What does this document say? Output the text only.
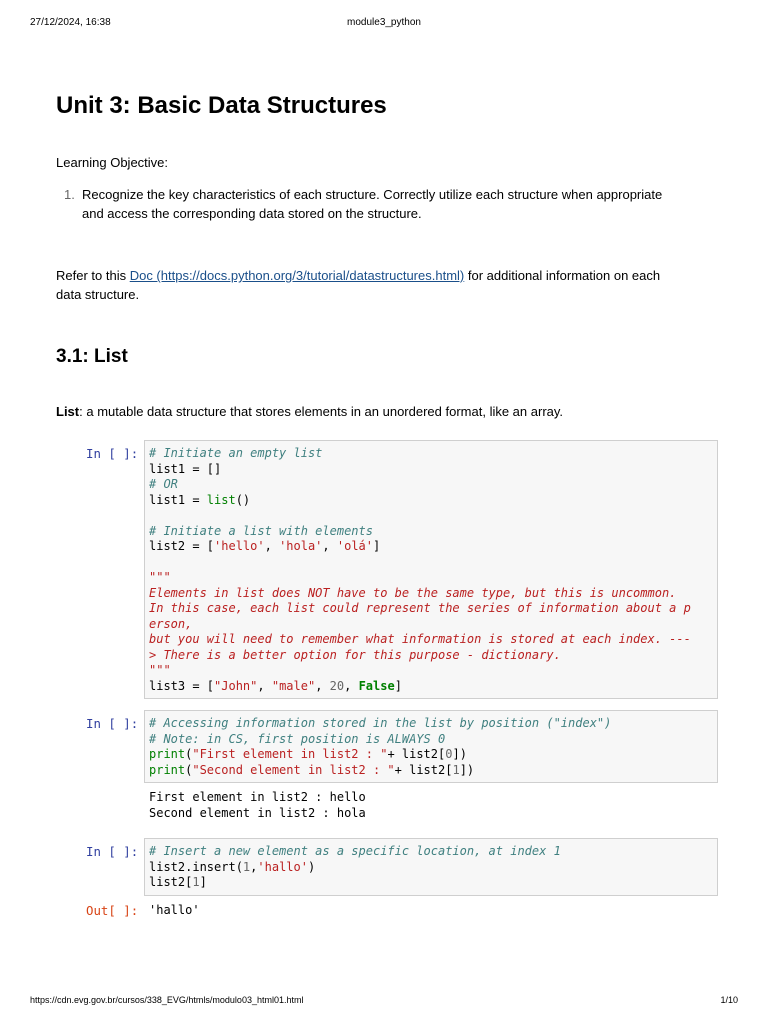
27/12/2024, 16:38	module3_python
Unit 3: Basic Data Structures
Learning Objective:
1. Recognize the key characteristics of each structure. Correctly utilize each structure when appropriate
and access the corresponding data stored on the structure.
Refer to this Doc (https://docs.python.org/3/tutorial/datastructures.html) for additional information on each
data structure.
3.1: List
List: a mutable data structure that stores elements in an unordered format, like an array.
In [ ]: # Initiate an empty list
list1 = []
# OR
list1 = list()
# Initiate a list with elements
list2 = ['hello', 'hola', 'olá']
"""
Elements in list does NOT have to be the same type, but this is uncommon.
In this case, each list could represent the series of information about a p
erson,
but you will need to remember what information is stored at each index. ---
> There is a better option for this purpose - dictionary.
"""
list3 = ["John", "male", 20, False]
In [ ]: # Accessing information stored in the list by position ("index")
# Note: in CS, first position is ALWAYS 0
print("First element in list2 : "+ list2[0])
print("Second element in list2 : "+ list2[1])
First element in list2 : hello
Second element in list2 : hola
In [ ]: # Insert a new element as a specific location, at index 1
list2.insert(1,'hallo')
list2[1]
Out[ ]: 'hallo'
https://cdn.evg.gov.br/cursos/338_EVG/htmls/modulo03_html01.html	1/10
